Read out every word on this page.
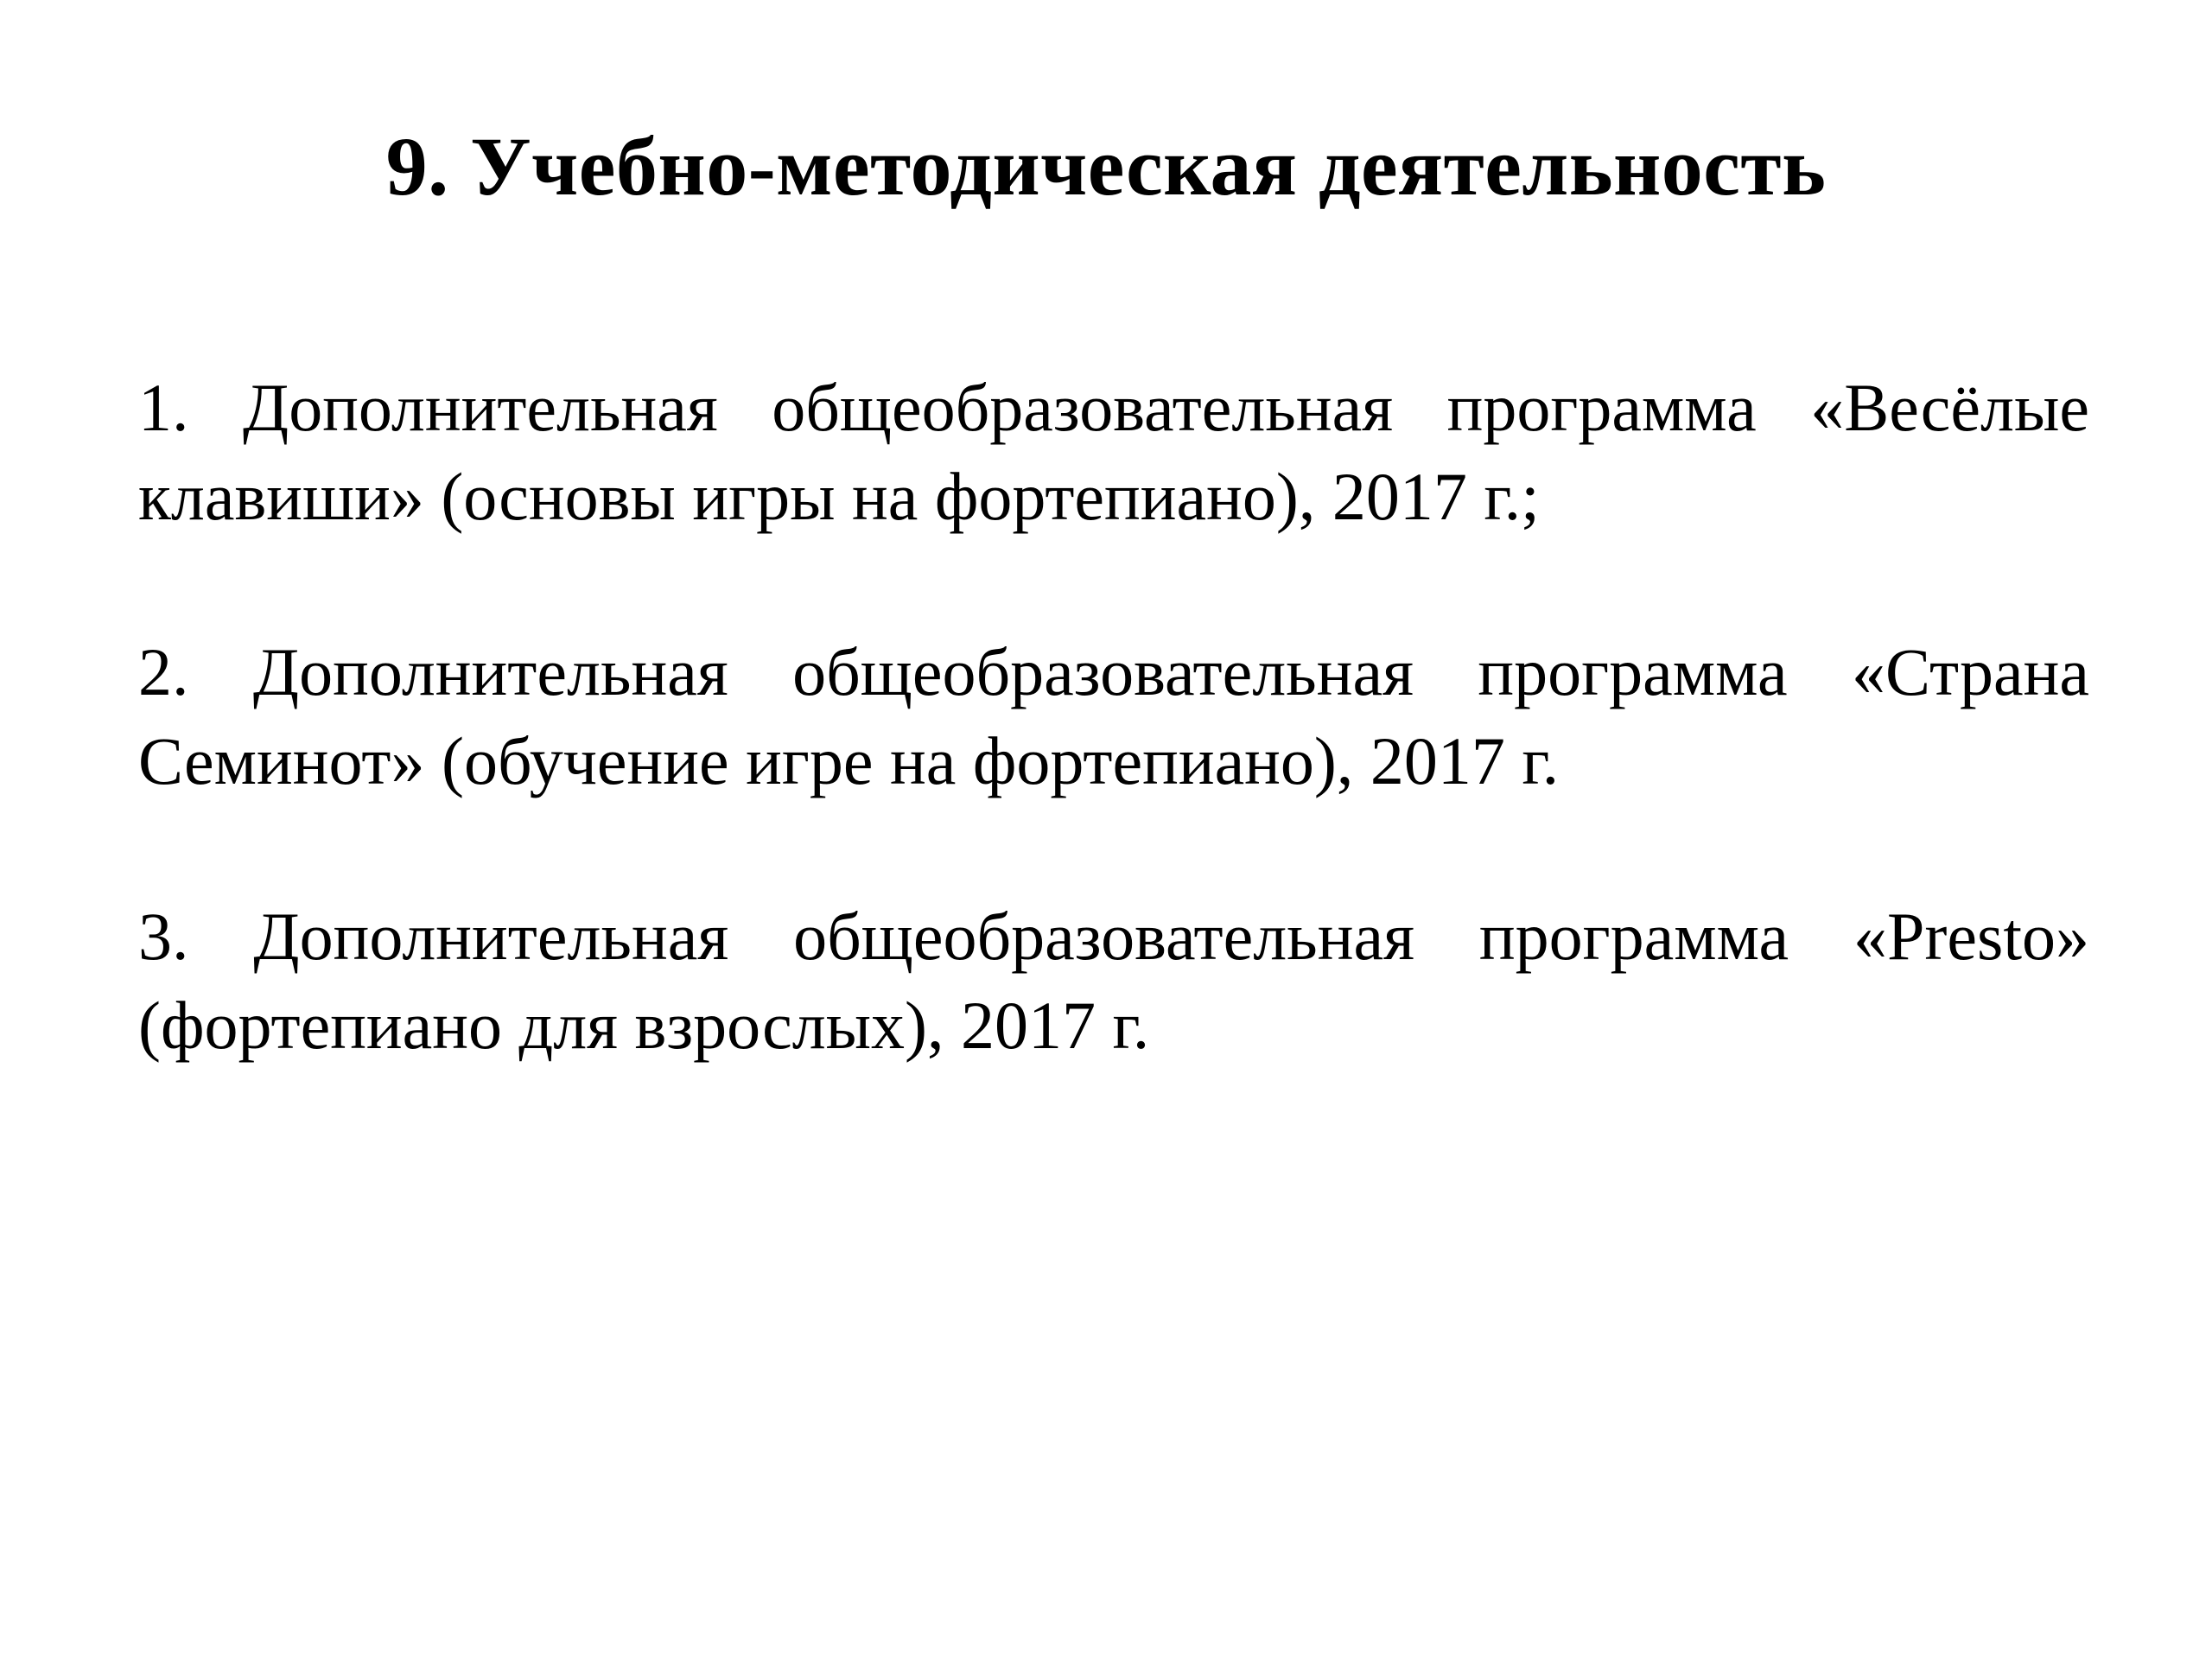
9. Учебно-методическая деятельность
1. Дополнительная общеобразовательная программа «Весёлые клавиши» (основы игры на фортепиано), 2017 г.;
2. Дополнительная общеобразовательная программа «Страна Семинот» (обучение игре на фортепиано), 2017 г.
3. Дополнительная общеобразовательная программа «Presto» (фортепиано для взрослых), 2017 г.
